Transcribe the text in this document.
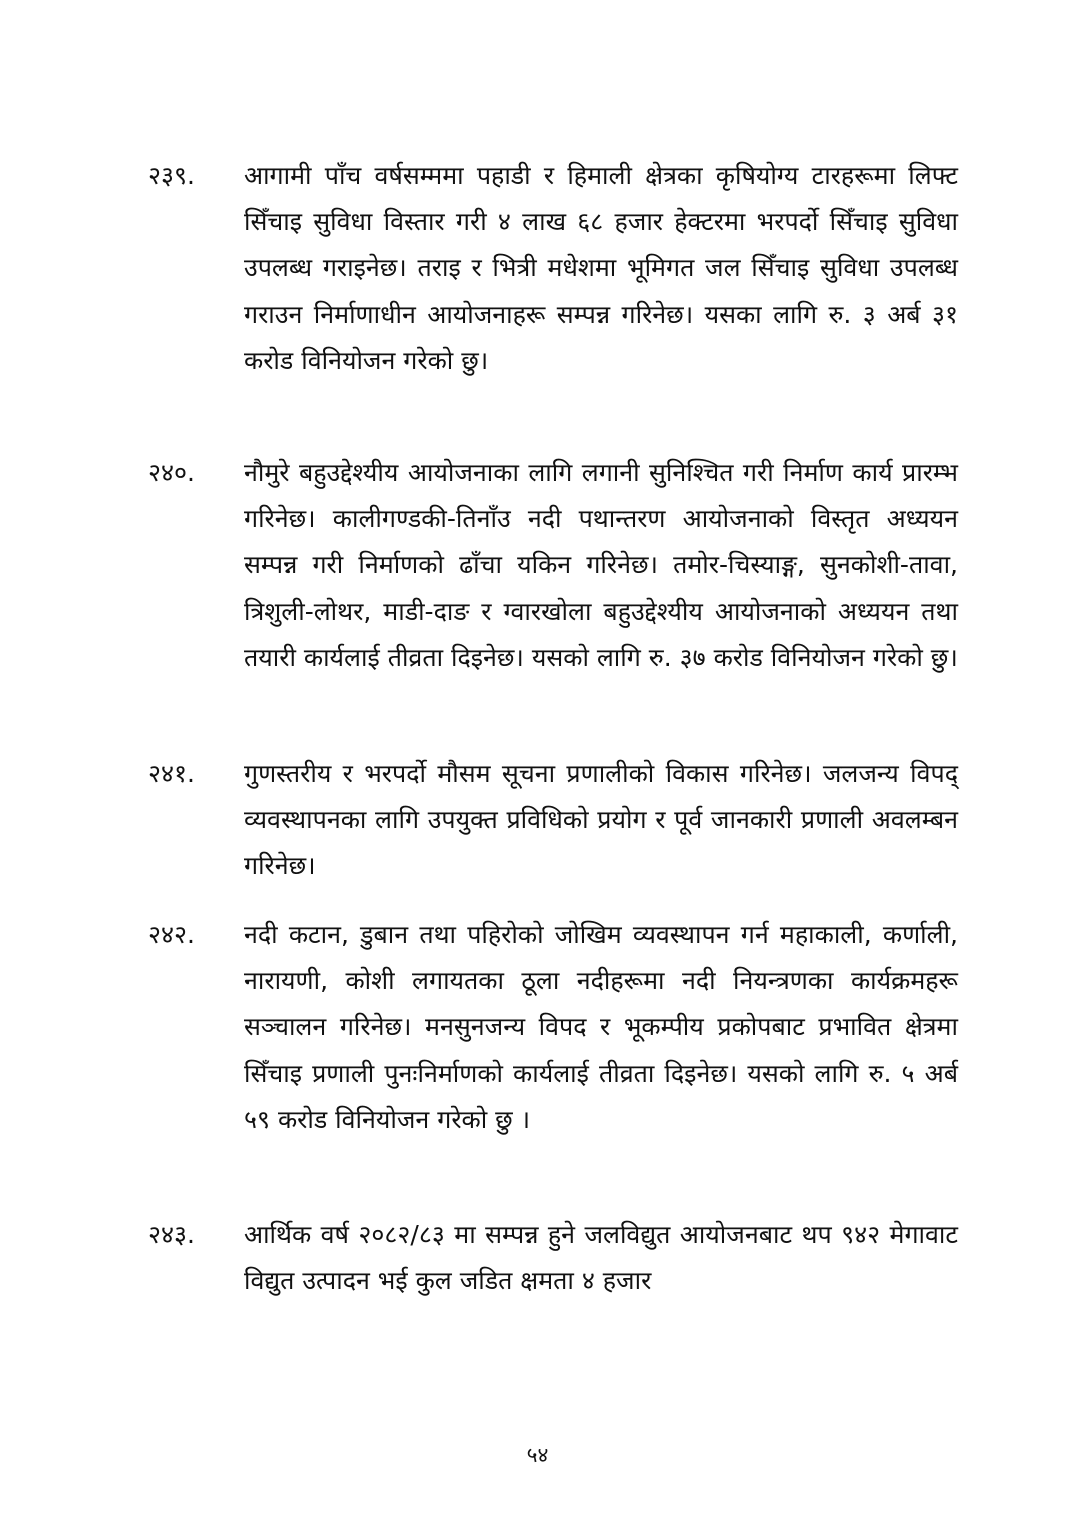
२३९.	आगामी पाँच वर्षसम्ममा पहाडी र हिमाली क्षेत्रका कृषियोग्य टारहरूमा लिफ्ट सिँचाइ सुविधा विस्तार गरी ४ लाख ६८ हजार हेक्टरमा भरपर्दो सिँचाइ सुविधा उपलब्ध गराइनेछ। तराइ र भित्री मधेशमा भूमिगत जल सिँचाइ सुविधा उपलब्ध गराउन निर्माणाधीन आयोजनाहरू सम्पन्न गरिनेछ। यसका लागि रु. ३ अर्ब ३१ करोड विनियोजन गरेको छु।
२४०.	नौमुरे बहुउद्देश्यीय आयोजनाका लागि लगानी सुनिश्चित गरी निर्माण कार्य प्रारम्भ गरिनेछ। कालीगण्डकी-तिनाँउ नदी पथान्तरण आयोजनाको विस्तृत अध्ययन सम्पन्न गरी निर्माणको ढाँचा यकिन गरिनेछ। तमोर-चिस्याङ्ग, सुनकोशी-तावा, त्रिशुली-लोथर, माडी-दाङ र ग्वारखोला बहुउद्देश्यीय आयोजनाको अध्ययन तथा तयारी कार्यलाई तीव्रता दिइनेछ। यसको लागि रु. ३७ करोड विनियोजन गरेको छु।
२४१.	गुणस्तरीय र भरपर्दो मौसम सूचना प्रणालीको विकास गरिनेछ। जलजन्य विपद् व्यवस्थापनका लागि उपयुक्त प्रविधिको प्रयोग र पूर्व जानकारी प्रणाली अवलम्बन गरिनेछ।
२४२.	नदी कटान, डुबान तथा पहिरोको जोखिम व्यवस्थापन गर्न महाकाली, कर्णाली, नारायणी, कोशी लगायतका ठूला नदीहरूमा नदी नियन्त्रणका कार्यक्रमहरू सञ्चालन गरिनेछ। मनसुनजन्य विपद र भूकम्पीय प्रकोपबाट प्रभावित क्षेत्रमा सिँचाइ प्रणाली पुनःनिर्माणको कार्यलाई तीव्रता दिइनेछ। यसको लागि रु. ५ अर्ब ५९ करोड विनियोजन गरेको छु ।
२४३.	आर्थिक वर्ष २०८२/८३ मा सम्पन्न हुने जलविद्युत आयोजनबाट थप ९४२ मेगावाट विद्युत उत्पादन भई कुल जडित क्षमता ४ हजार
५४
